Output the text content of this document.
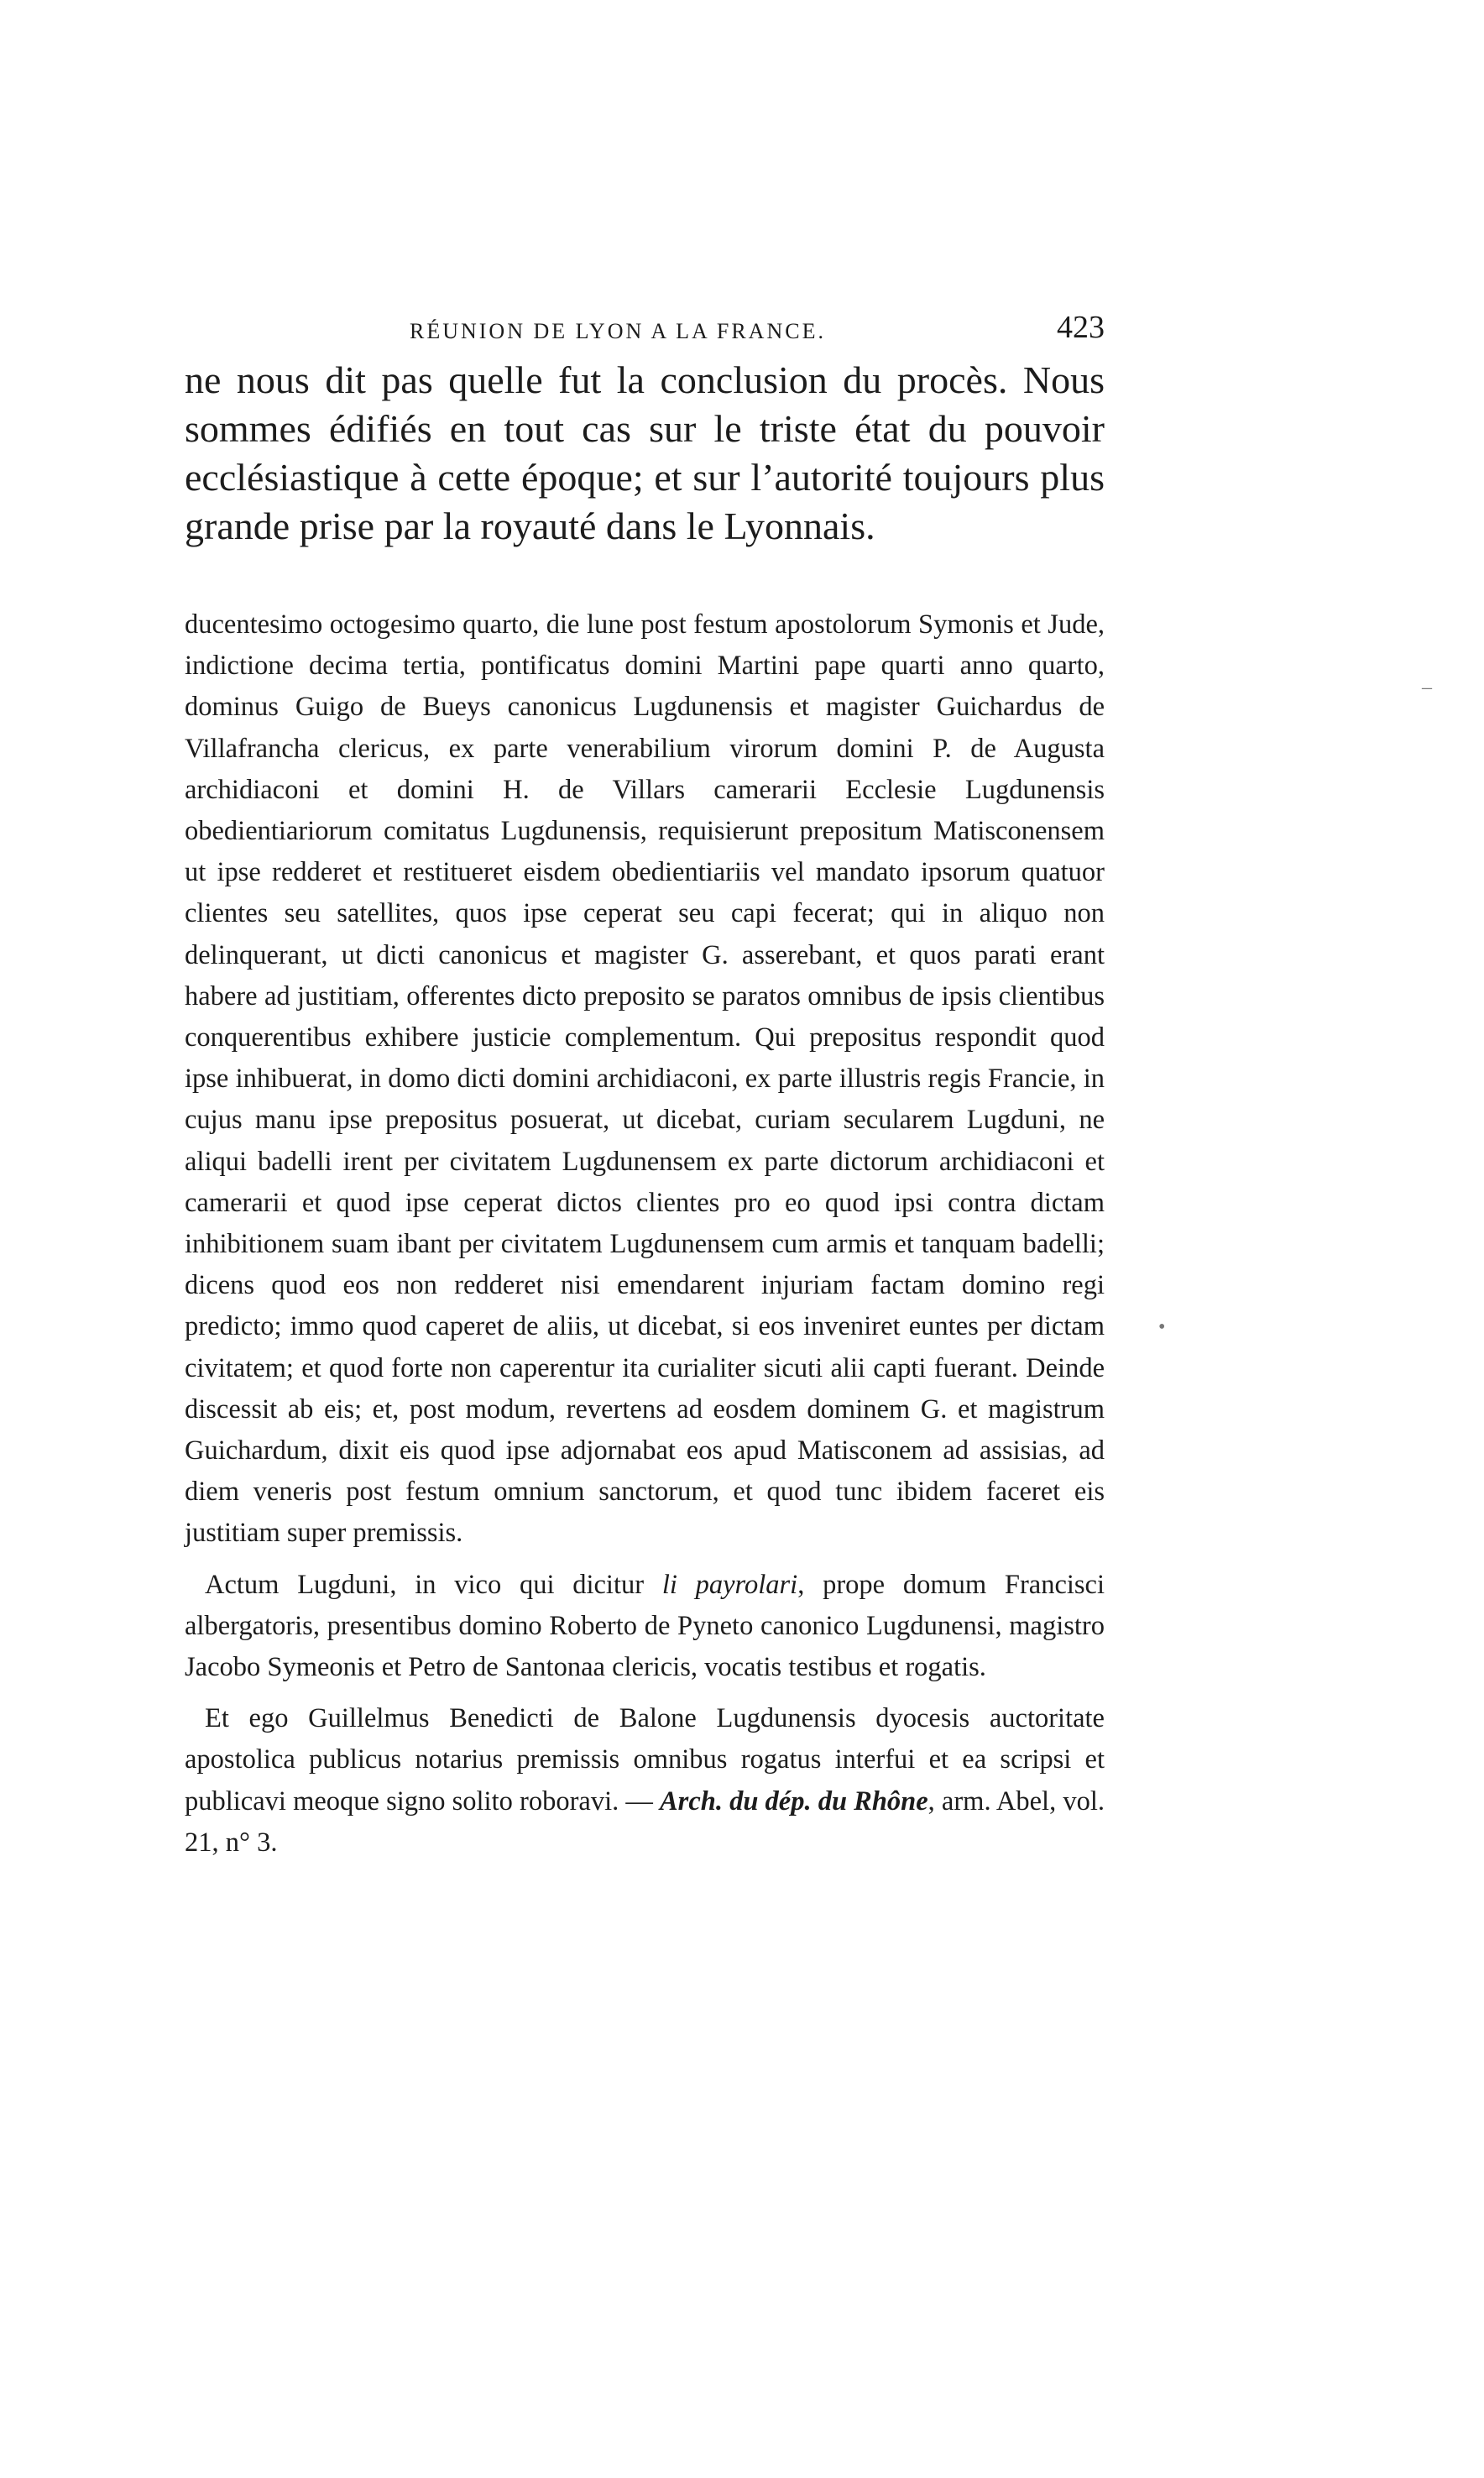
RÉUNION DE LYON A LA FRANCE.	423

ne nous dit pas quelle fut la conclusion du procès. Nous sommes édifiés en tout cas sur le triste état du pouvoir ecclésiastique à cette époque; et sur l’autorité toujours plus grande prise par la royauté dans le Lyonnais.

ducentesimo octogesimo quarto, die lune post festum apostolorum Symonis et Jude, indictione decima tertia, pontificatus domini Martini pape quarti anno quarto, dominus Guigo de Bueys canonicus Lugdunensis et magister Guichardus de Villafrancha clericus, ex parte venerabilium virorum domini P. de Augusta archidiaconi et domini H. de Villars camerarii Ecclesie Lugdunensis obedientiariorum comitatus Lugdunensis, requisierunt prepositum Matisconensem ut ipse redderet et restitueret eisdem obedientiariis vel mandato ipsorum quatuor clientes seu satellites, quos ipse ceperat seu capi fecerat; qui in aliquo non delinquerant, ut dicti canonicus et magister G. asserebant, et quos parati erant habere ad justitiam, offerentes dicto preposito se paratos omnibus de ipsis clientibus conquerentibus exhibere justicie complementum. Qui prepositus respondit quod ipse inhibuerat, in domo dicti domini archidiaconi, ex parte illustris regis Francie, in cujus manu ipse prepositus posuerat, ut dicebat, curiam secularem Lugduni, ne aliqui badelli irent per civitatem Lugdunensem ex parte dictorum archidiaconi et camerarii et quod ipse ceperat dictos clientes pro eo quod ipsi contra dictam inhibitionem suam ibant per civitatem Lugdunensem cum armis et tanquam badelli; dicens quod eos non redderet nisi emendarent injuriam factam domino regi predicto; immo quod caperet de aliis, ut dicebat, si eos inveniret euntes per dictam civitatem; et quod forte non caperentur ita curialiter sicuti alii capti fuerant. Deinde discessit ab eis; et, post modum, revertens ad eosdem dominem G. et magistrum Guichardum, dixit eis quod ipse adjornabat eos apud Matisconem ad assisias, ad diem veneris post festum omnium sanctorum, et quod tunc ibidem faceret eis justitiam super premissis.

Actum Lugduni, in vico qui dicitur li payrolari, prope domum Francisci albergatoris, presentibus domino Roberto de Pyneto canonico Lugdunensi, magistro Jacobo Symeonis et Petro de Santonaa clericis, vocatis testibus et rogatis.

Et ego Guillelmus Benedicti de Balone Lugdunensis dyocesis auctoritate apostolica publicus notarius premissis omnibus rogatus interfui et ea scripsi et publicavi meoque signo solito roboravi. — Arch. du dép. du Rhône, arm. Abel, vol. 21, n° 3.

–
•
